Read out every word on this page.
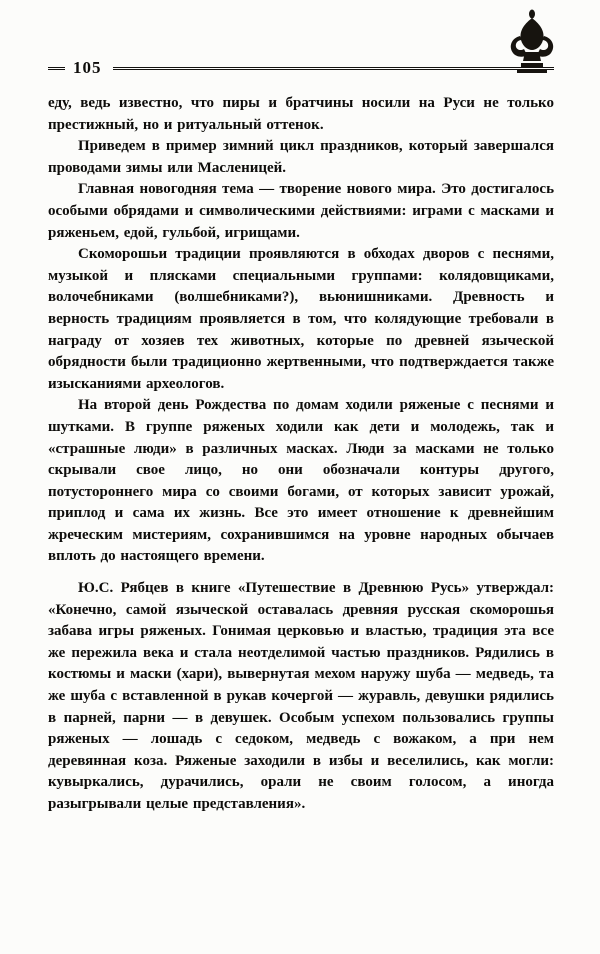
105

еду, ведь известно, что пиры и братчины носили на Руси не только престижный, но и ритуальный оттенок.

Приведем в пример зимний цикл праздников, который завершался проводами зимы или Масленицей.

Главная новогодняя тема — творение нового мира. Это достигалось особыми обрядами и символическими действиями: играми с масками и ряженьем, едой, гульбой, игрищами.

Скоморошьи традиции проявляются в обходах дворов с песнями, музыкой и плясками специальными группами: колядовщиками, волочебниками (волшебниками?), вьюнишниками. Древность и верность традициям проявляется в том, что колядующие требовали в награду от хозяев тех животных, которые по древней языческой обрядности были традиционно жертвенными, что подтверждается также изысканиями археологов.

На второй день Рождества по домам ходили ряженые с песнями и шутками. В группе ряженых ходили как дети и молодежь, так и «страшные люди» в различных масках. Люди за масками не только скрывали свое лицо, но они обозначали контуры другого, потустороннего мира со своими богами, от которых зависит урожай, приплод и сама их жизнь. Все это имеет отношение к древнейшим жреческим мистериям, сохранившимся на уровне народных обычаев вплоть до настоящего времени.

Ю.С. Рябцев в книге «Путешествие в Древнюю Русь» утверждал: «Конечно, самой языческой оставалась древняя русская скоморошья забава игры ряженых. Гонимая церковью и властью, традиция эта все же пережила века и стала неотделимой частью праздников. Рядились в костюмы и маски (хари), вывернутая мехом наружу шуба — медведь, та же шуба с вставленной в рукав кочергой — журавль, девушки рядились в парней, парни — в девушек. Особым успехом пользовались группы ряженых — лошадь с седоком, медведь с вожаком, а при нем деревянная коза. Ряженые заходили в избы и веселились, как могли: кувыркались, дурачились, орали не своим голосом, а иногда разыгрывали целые представления».
